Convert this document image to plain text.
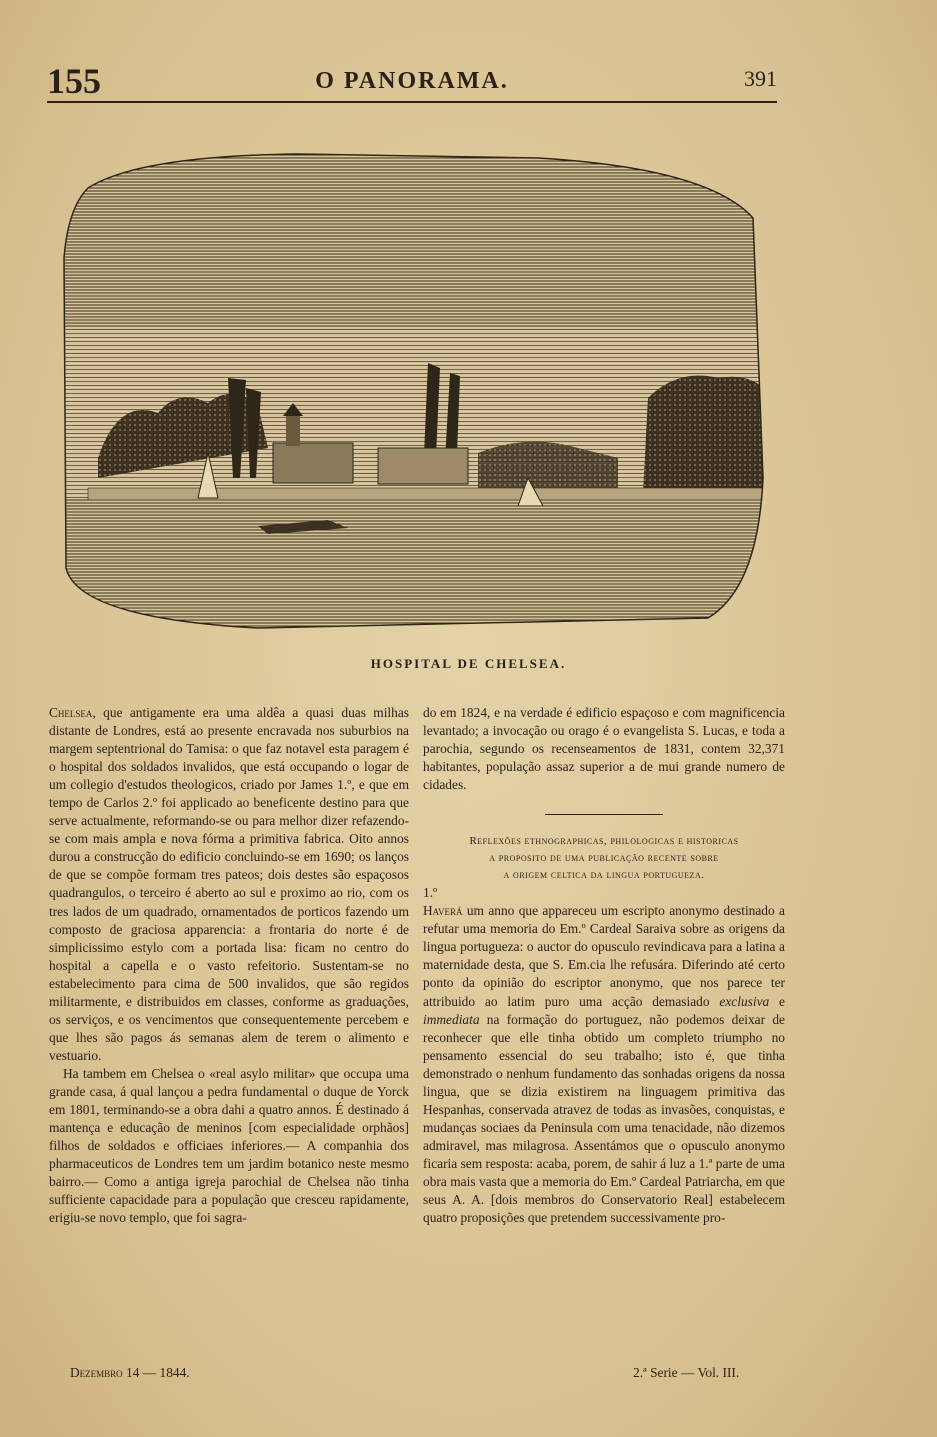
155	O PANORAMA.	391
HOSPITAL DE CHELSEA.

Chelsea, que antigamente era uma aldêa a quasi duas milhas distante de Londres, está ao presente encravada nos suburbios na margem septentrional do Tamisa: o que faz notavel esta paragem é o hospital dos soldados invalidos, que está occupando o logar de um collegio d'estudos theologicos, criado por James 1.º, e que em tempo de Carlos 2.º foi applicado ao beneficente destino para que serve actualmente, reformando-se ou para melhor dizer refazendo-se com mais ampla e nova fórma a primitiva fabrica. Oito annos durou a construcção do edificio concluindo-se em 1690; os lanços de que se compõe formam tres pateos; dois destes são espaçosos quadrangulos, o terceiro é aberto ao sul e proximo ao rio, com os tres lados de um quadrado, ornamentados de porticos fazendo um composto de graciosa apparencia: a frontaria do norte é de simplicissimo estylo com a portada lisa: ficam no centro do hospital a capella e o vasto refeitorio. Sustentam-se no estabelecimento para cima de 500 invalidos, que são regidos militarmente, e distribuidos em classes, conforme as graduações, os serviços, e os vencimentos que consequentemente percebem e que lhes são pagos ás semanas alem de terem o alimento e vestuario.

Ha tambem em Chelsea o «real asylo militar» que occupa uma grande casa, á qual lançou a pedra fundamental o duque de Yorck em 1801, terminando-se a obra dahi a quatro annos. É destinado á mantença e educação de meninos [com especialidade orphãos] filhos de soldados e officiaes inferiores.— A companhia dos pharmaceuticos de Londres tem um jardim botanico neste mesmo bairro.— Como a antiga igreja parochial de Chelsea não tinha sufficiente capacidade para a população que cresceu rapidamente, erigiu-se novo templo, que foi sagra-

do em 1824, e na verdade é edificio espaçoso e com magnificencia levantado; a invocação ou orago é o evangelista S. Lucas, e toda a parochia, segundo os recenseamentos de 1831, contem 32,371 habitantes, população assaz superior a de mui grande numero de cidades.

Reflexões ethnographicas, philologicas e historicas

a proposito de uma publicação recente sobre

a origem celtica da lingua portugueza.

1.º

Haverá um anno que appareceu um escripto anonymo destinado a refutar uma memoria do Em.º Cardeal Saraiva sobre as origens da lingua portugueza: o auctor do opusculo revindicava para a latina a maternidade desta, que S. Em.cia lhe refusára. Diferindo até certo ponto da opinião do escriptor anonymo, que nos parece ter attribuido ao latim puro uma acção demasiado exclusiva e immediata na formação do portuguez, não podemos deixar de reconhecer que elle tinha obtido um completo triumpho no pensamento essencial do seu trabalho; isto é, que tinha demonstrado o nenhum fundamento das sonhadas origens da nossa lingua, que se dizia existirem na linguagem primitiva das Hespanhas, conservada atravez de todas as invasões, conquistas, e mudanças sociaes da Peninsula com uma tenacidade, não dizemos admiravel, mas milagrosa. Assentámos que o opusculo anonymo ficaria sem resposta: acaba, porem, de sahir á luz a 1.ª parte de uma obra mais vasta que a memoria do Em.º Cardeal Patriarcha, em que seus A. A. [dois membros do Conservatorio Real] estabelecem quatro proposições que pretendem successivamente pro-

Dezembro 14 — 1844.	2.ª Serie — Vol. III.
